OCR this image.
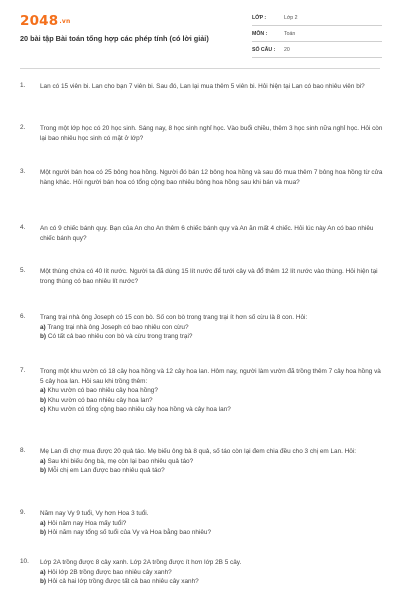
2048.vn
20 bài tập Bài toán tổng hợp các phép tính (có lời giải)
LỚP :	Lớp 2
MÔN :	Toán
SỐ CÂU : 20
1. Lan có 15 viên bi. Lan cho bạn 7 viên bi. Sau đó, Lan lại mua thêm 5 viên bi. Hỏi hiện tại Lan có bao nhiêu viên bi?
2. Trong một lớp học có 20 học sinh. Sáng nay, 8 học sinh nghỉ học. Vào buổi chiều, thêm 3 học sinh nữa nghỉ học. Hỏi còn lại bao nhiêu học sinh có mặt ở lớp?
3. Một người bán hoa có 25 bông hoa hồng. Người đó bán 12 bông hoa hồng và sau đó mua thêm 7 bông hoa hồng từ cửa hàng khác. Hỏi người bán hoa có tổng cộng bao nhiêu bông hoa hồng sau khi bán và mua?
4. An có 9 chiếc bánh quy. Bạn của An cho An thêm 6 chiếc bánh quy và An ăn mất 4 chiếc. Hỏi lúc này An có bao nhiêu chiếc bánh quy?
5. Một thùng chứa có 40 lít nước. Người ta đã dùng 15 lít nước để tưới cây và đổ thêm 12 lít nước vào thùng. Hỏi hiện tại trong thùng có bao nhiêu lít nước?
6. Trang trại nhà ông Joseph có 15 con bò. Số con bò trong trang trại ít hơn số cừu là 8 con. Hỏi:
a) Trang trại nhà ông Joseph có bao nhiêu con cừu?
b) Có tất cả bao nhiêu con bò và cừu trong trang trại?
7. Trong một khu vườn có 18 cây hoa hồng và 12 cây hoa lan. Hôm nay, người làm vườn đã trồng thêm 7 cây hoa hồng và 5 cây hoa lan. Hỏi sau khi trồng thêm:
a) Khu vườn có bao nhiêu cây hoa hồng?
b) Khu vườn có bao nhiêu cây hoa lan?
c) Khu vườn có tổng cộng bao nhiêu cây hoa hồng và cây hoa lan?
8. Mẹ Lan đi chợ mua được 20 quả táo. Mẹ biếu ông bà 8 quả, số táo còn lại đem chia đều cho 3 chị em Lan. Hỏi:
a) Sau khi biếu ông bà, mẹ còn lại bao nhiêu quả táo?
b) Mỗi chị em Lan được bao nhiêu quả táo?
9. Năm nay Vy 9 tuổi, Vy hơn Hoa 3 tuổi.
a) Hỏi năm nay Hoa mấy tuổi?
b) Hỏi năm nay tổng số tuổi của Vy và Hoa bằng bao nhiêu?
10. Lớp 2A trồng được 8 cây xanh. Lớp 2A trồng được ít hơn lớp 2B 5 cây.
a) Hỏi lớp 2B trồng được bao nhiêu cây xanh?
b) Hỏi cả hai lớp trồng được tất cả bao nhiêu cây xanh?
